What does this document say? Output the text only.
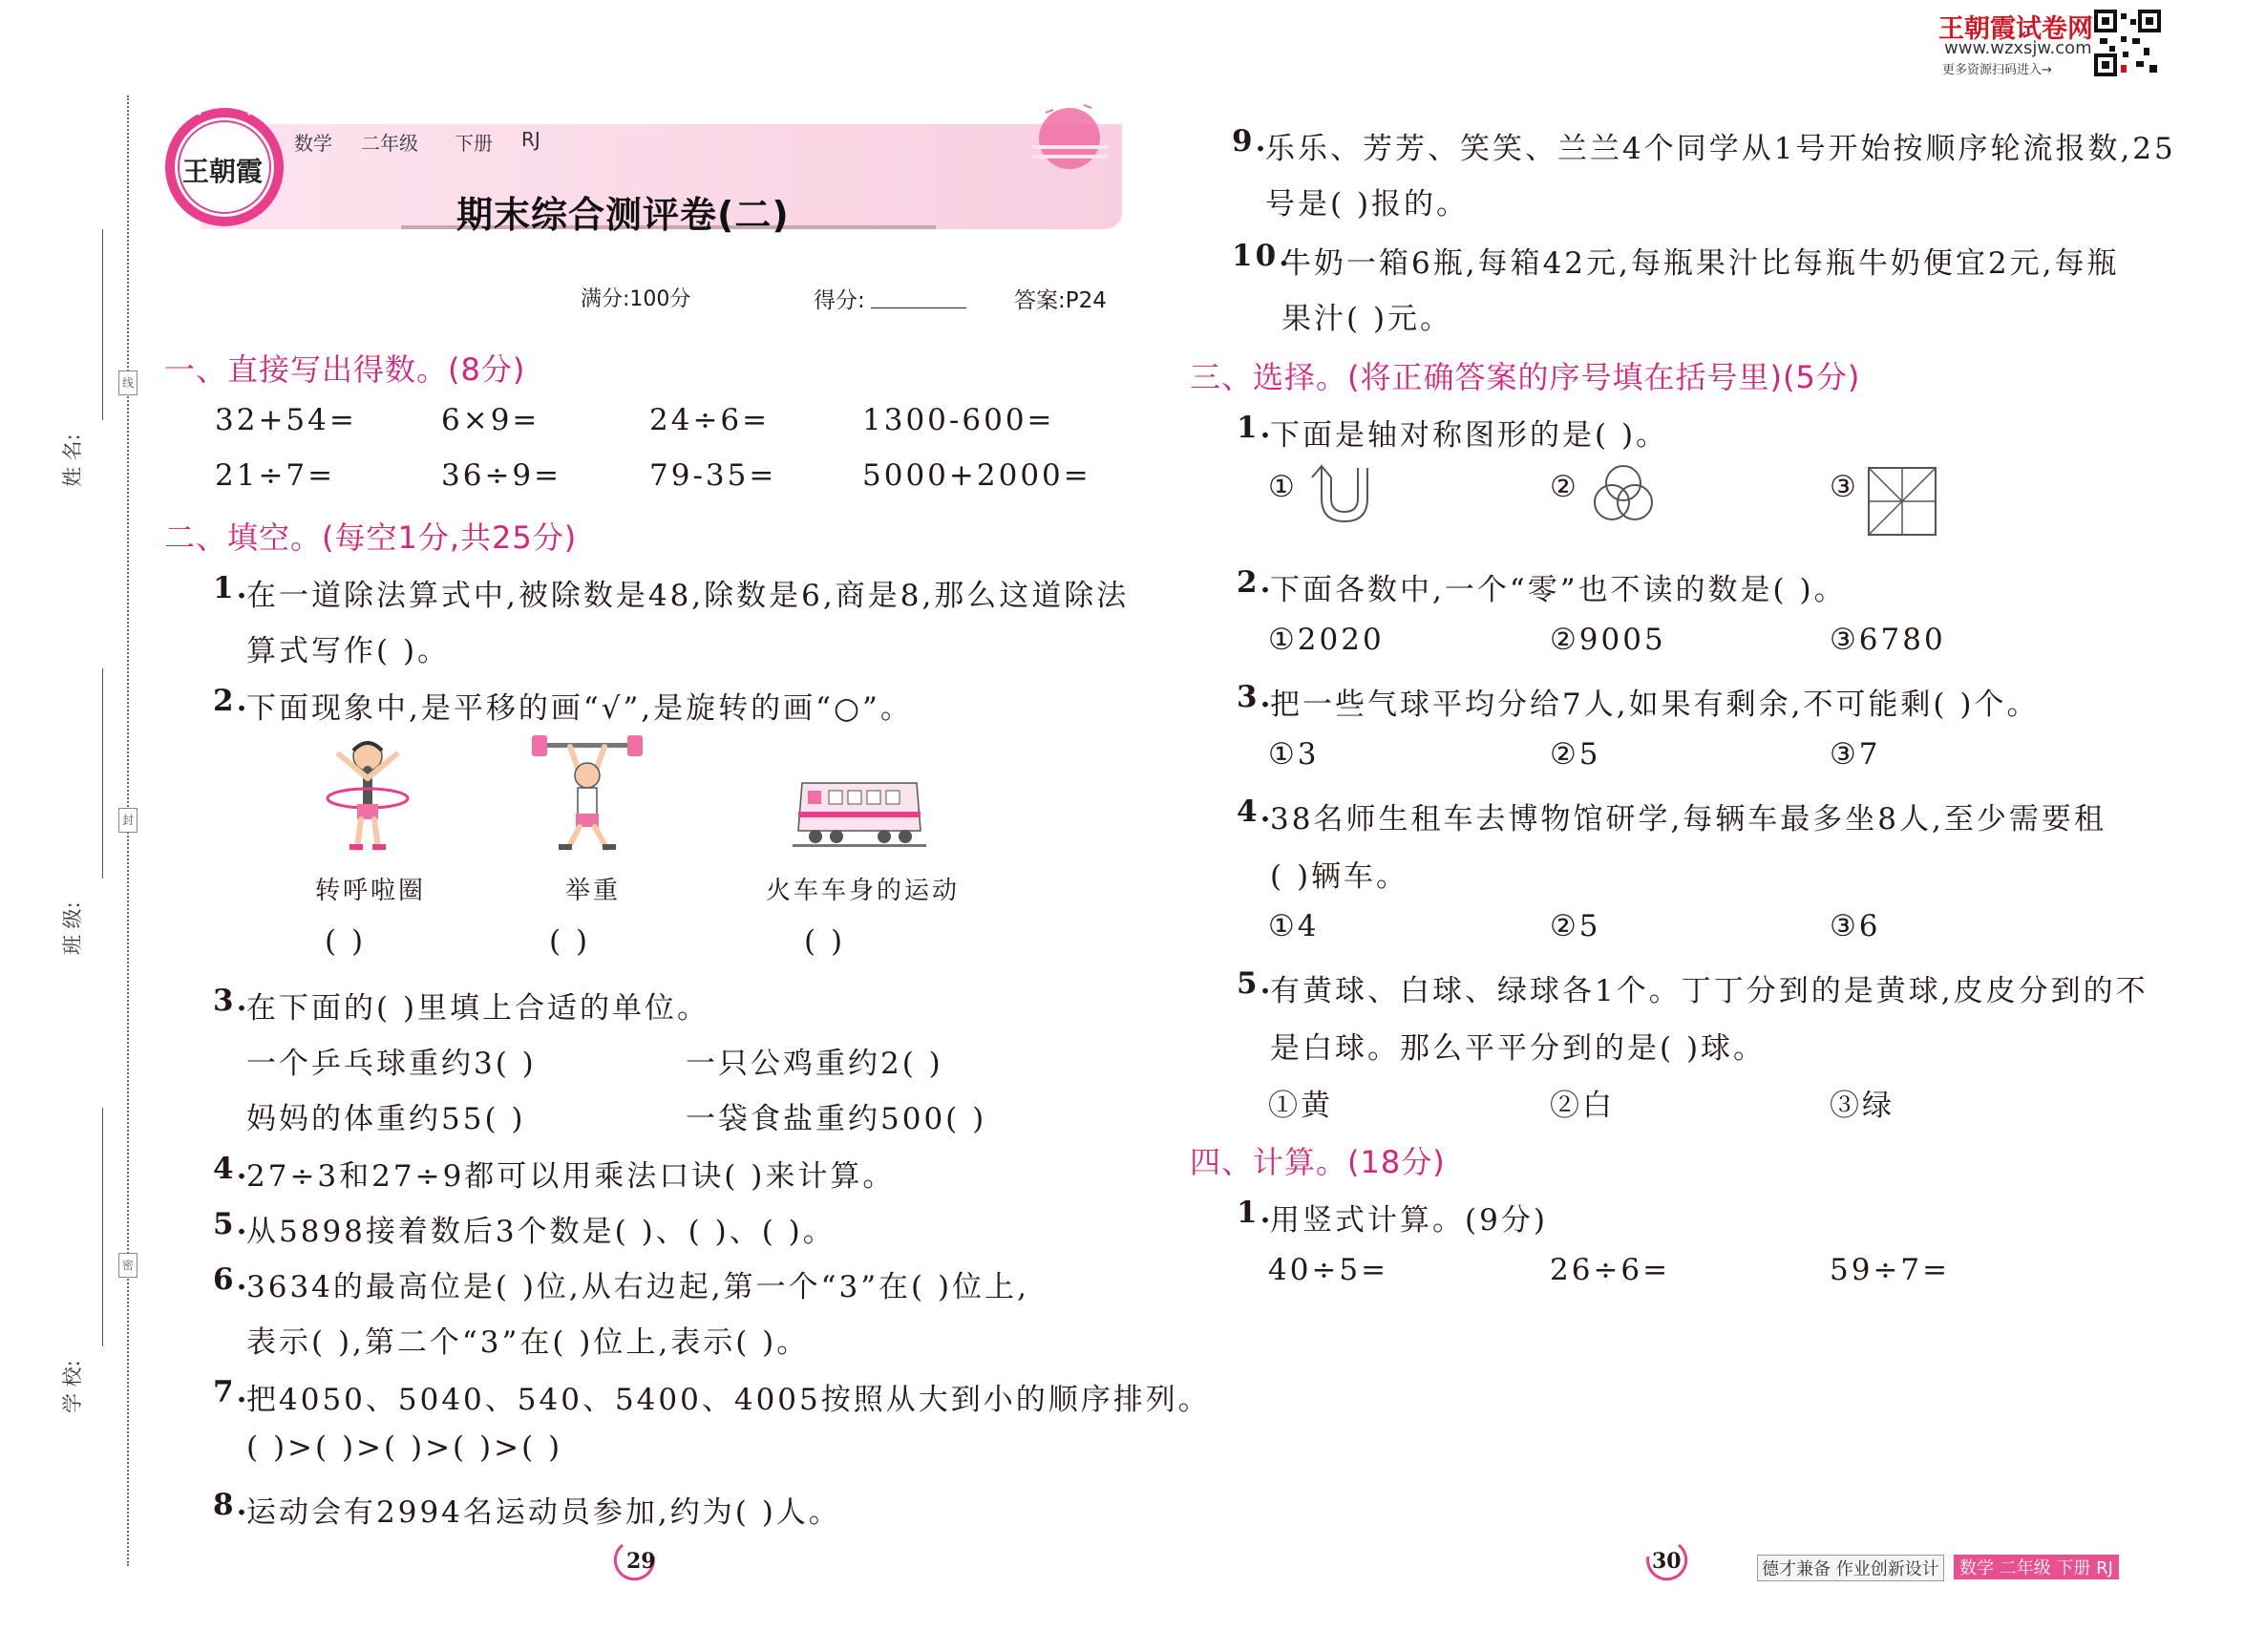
王朝霞试卷网
www.wzxsjw.com
更多资源扫码进入→
线
封
密
姓 名:
班 级:
学 校:
王朝霞
数学 二年级 下册 RJ
期末综合测评卷(二)
满分:100分	得分:	答案:P24
一、直接写出得数。(8分)
32+54=	6×9=	24÷6=	1300-600=
21÷7=	36÷9=	79-35=	5000+2000=
二、填空。(每空1分,共25分)
1.
在一道除法算式中,被除数是48,除数是6,商是8,那么这道除法
算式写作( )。
2.
下面现象中,是平移的画“√”,是旋转的画“○”。
转呼啦圈	举重	火车车身的运动
( )	( )	( )
3.
在下面的( )里填上合适的单位。
一个乒乓球重约3( )	一只公鸡重约2( )
妈妈的体重约55( )	一袋食盐重约500( )
4.
27÷3和27÷9都可以用乘法口诀( )来计算。
5.
从5898接着数后3个数是( )、( )、( )。
6.
3634的最高位是( )位,从右边起,第一个“3”在( )位上,
表示( ),第二个“3”在( )位上,表示( )。
7.
把4050、5040、540、5400、4005按照从大到小的顺序排列。
( )>( )>( )>( )>( )
8.
运动会有2994名运动员参加,约为( )人。
29
9.
乐乐、芳芳、笑笑、兰兰4个同学从1号开始按顺序轮流报数,25
号是( )报的。
10.
牛奶一箱6瓶,每箱42元,每瓶果汁比每瓶牛奶便宜2元,每瓶
果汁( )元。
三、选择。(将正确答案的序号填在括号里)(5分)
1.
下面是轴对称图形的是( )。
①	②	③
2.
下面各数中,一个“零”也不读的数是( )。
①2020	②9005	③6780
3.
把一些气球平均分给7人,如果有剩余,不可能剩( )个。
①3	②5	③7
4.
38名师生租车去博物馆研学,每辆车最多坐8人,至少需要租
( )辆车。
①4	②5	③6
5.
有黄球、白球、绿球各1个。丁丁分到的是黄球,皮皮分到的不
是白球。那么平平分到的是( )球。
①黄	②白	③绿
四、计算。(18分)
1.
用竖式计算。(9分)
40÷5=	26÷6=	59÷7=
30	德才兼备 作业创新设计	数学 二年级 下册 RJ
